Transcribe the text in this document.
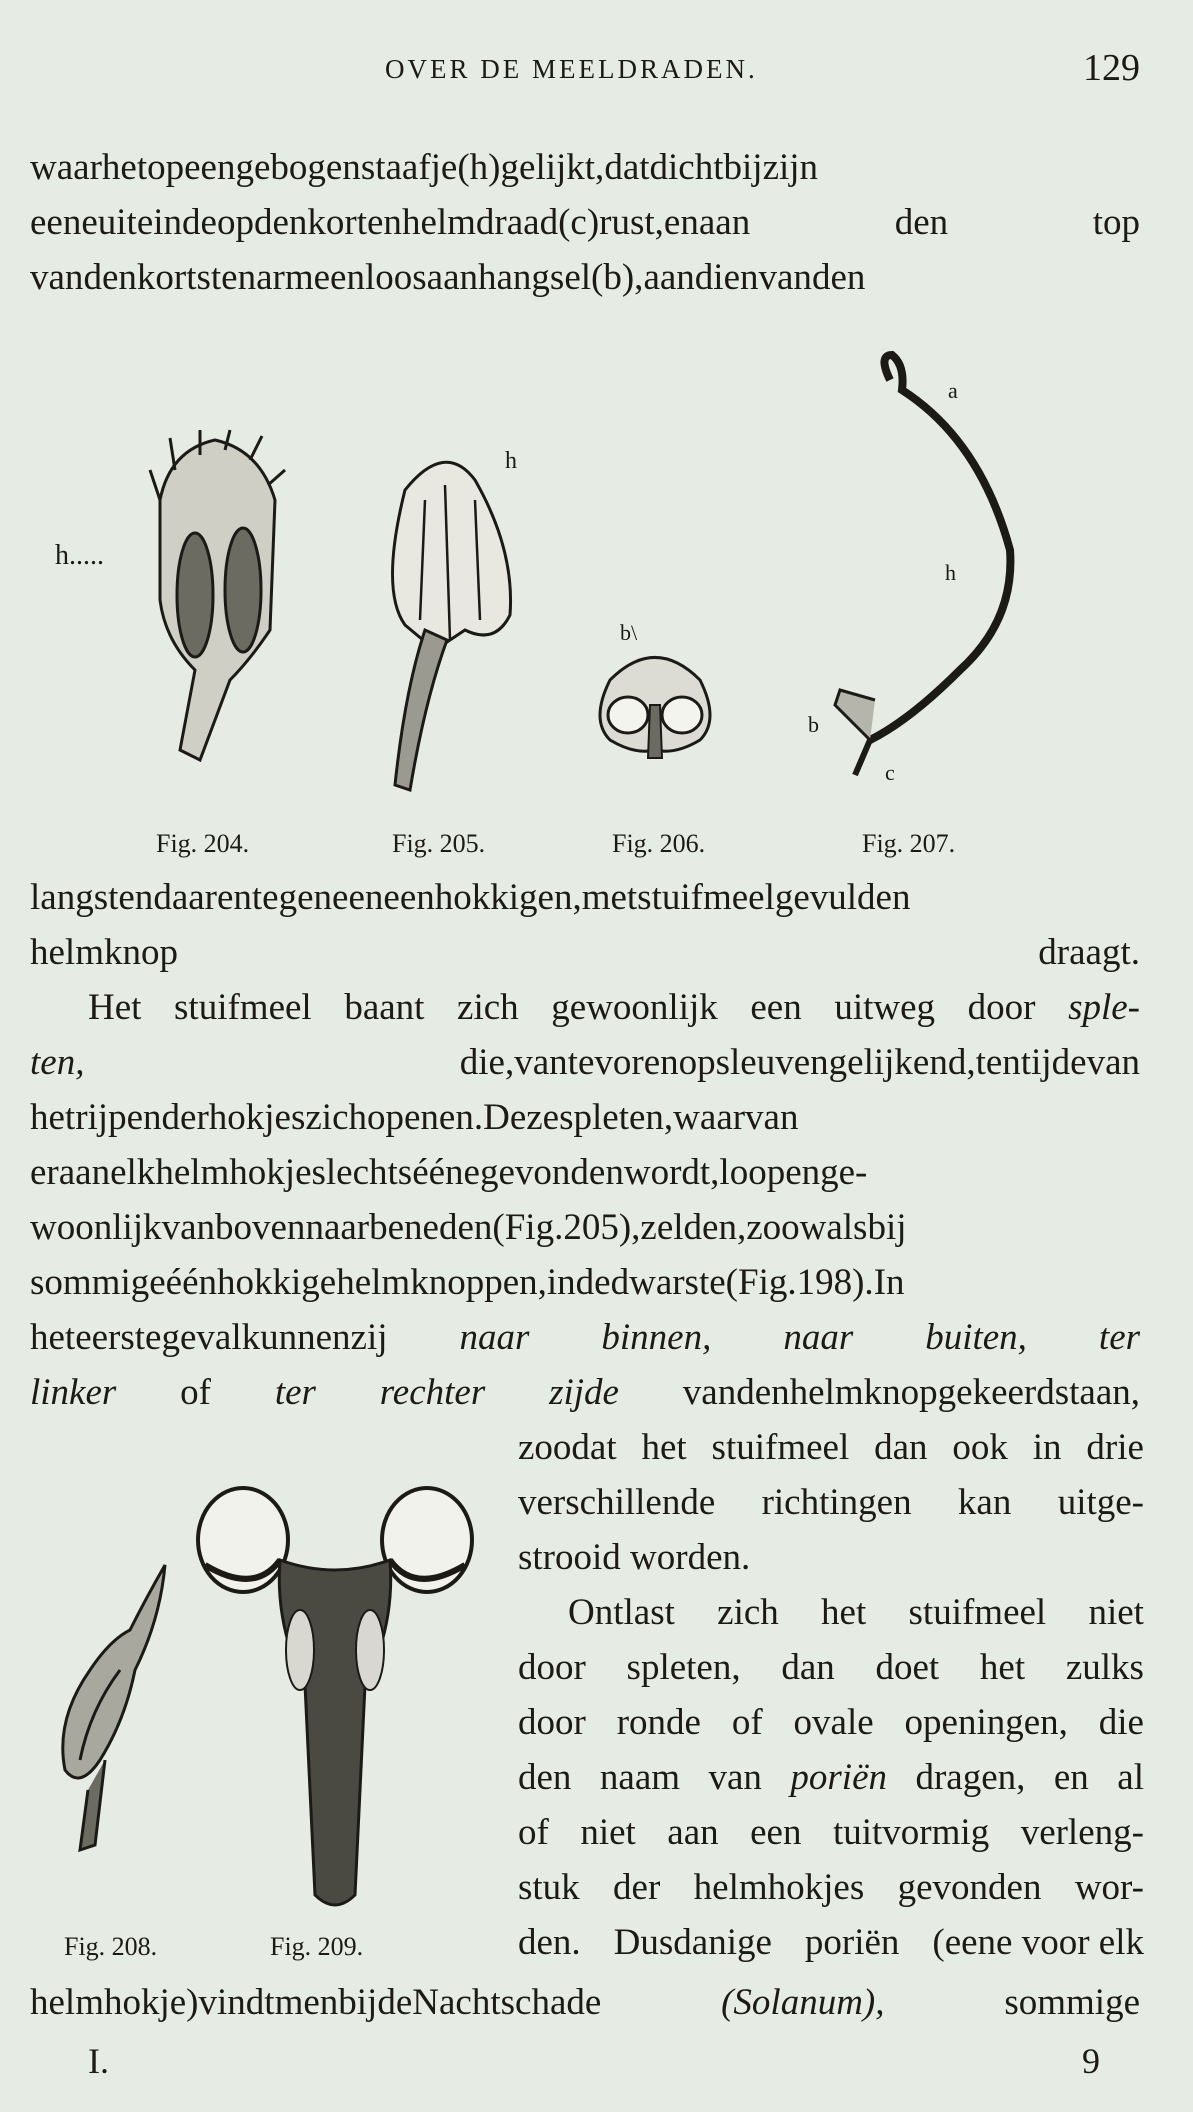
OVER DE MEELDRADEN.	129
waarhetopeengebogenstaafje(h)gelijkt,datdichtbijzijn
eeneuiteindeopdenkortenhelmdraad(c)rust,enaan den top
vandenkortstenarmeenloosaanhangsel(b),aandienvanden
h.....
Fig. 204.
h
Fig. 205.
b\
Fig. 206.
a
h
b
c
Fig. 207.
langstendaarentegeneeneenhokkigen,metstuifmeelgevulden
helmknop draagt.
Het stuifmeel baant zich gewoonlijk een uitweg door sple-
ten,	die,vantevorenopsleuvengelijkend,tentijdevan
hetrijpenderhokjeszichopenen.Dezespleten,waarvan
eraanelkhelmhokjeslechtséénegevondenwordt,loopenge-
woonlijkvanbovennaarbeneden(Fig.205),zelden,zoowalsbij
sommigeéénhokkigehelmknoppen,indedwarste(Fig.198).In
heteerstegevalkunnenzij naar binnen, naar buiten, ter
linker of ter rechter zijde vandenhelmknopgekeerdstaan,
zoodat het stuifmeel dan ook in drie
verschillende richtingen kan uitge-
strooid worden.
Ontlast zich het stuifmeel niet
door spleten, dan doet het zulks
door ronde of ovale openingen, die
den naam van poriën dragen, en al
of niet aan een tuitvormig verleng-
stuk der helmhokjes gevonden wor-
den. Dusdanige poriën (eene voor elk
Fig. 208.	Fig. 209.
helmhokje)vindtmenbijdeNachtschade	(Solanum),	sommige
I.	9
